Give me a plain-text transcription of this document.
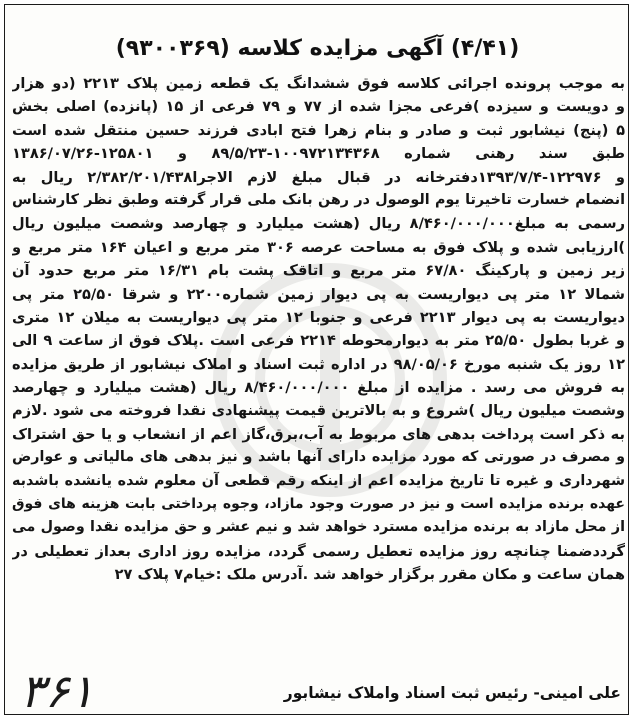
(۴/۴۱) آگهی مزایده کلاسه (۹۳۰۰۳۶۹)
به موجب پرونده اجرائی کلاسه فوق ششدانگ یک قطعه زمین پلاک ۲۲۱۳ (دو هزار
و دویست و سیزده )فرعی مجزا شده از ۷۷ و ۷۹ فرعی از ۱۵ (پانزده) اصلی بخش
۵ (پنج) نیشابور ثبت و صادر و بنام زهرا فتح ابادی فرزند حسین منتقل شده است
طبق سند رهنی شماره ۱۰۰۹۷۲۱۳۴۳۶۸-۸۹/۵/۲۳ و ۱۲۵۸۰۱-۱۳۸۶/۰۷/۲۶
و ۱۲۲۹۷۶-۱۳۹۳/۷/۴دفترخانه در قبال مبلغ لازم الاجرا۲/۳۸۲/۲۰۱/۴۳۸ ریال به
انضمام خسارت تاخیرتا یوم الوصول در رهن بانک ملی قرار گرفته وطبق نظر کارشناس
رسمی به مبلغ۸/۴۶۰/۰۰۰/۰۰۰ ریال (هشت میلیارد و چهارصد وشصت میلیون ریال
)ارزیابی شده و پلاک فوق به مساحت عرصه ۳۰۶ متر مربع و اعیان ۱۶۴ متر مربع و
زیر زمین و پارکینگ ۶۷/۸۰ متر مربع و اتاقک پشت بام ۱۶/۳۱ متر مربع حدود آن
شمالا ۱۲ متر پی دیواریست به پی دیوار زمین شماره۲۲۰۰ و شرقا ۲۵/۵۰ متر پی
دیواریست به پی دیوار ۲۲۱۳ فرعی و جنوبا ۱۲ متر پی دیواریست به میلان ۱۲ متری
و غربا بطول ۲۵/۵۰ متر به دیوارمحوطه ۲۲۱۴ فرعی است .پلاک فوق از ساعت ۹ الی
۱۲ روز یک شنبه مورخ ۹۸/۰۵/۰۶ در اداره ثبت اسناد و املاک نیشابور از طریق مزایده
به فروش می رسد . مزایده از مبلغ ۸/۴۶۰/۰۰۰/۰۰۰ ریال (هشت میلیارد و چهارصد
وشصت میلیون ریال )شروع و به بالاترین قیمت پیشنهادی نقدا فروخته می شود .لازم
به ذکر است پرداخت بدهی های مربوط به آب،برق،گاز اعم از انشعاب و یا حق اشتراک
و مصرف در صورتی که مورد مزایده دارای آنها باشد و نیز بدهی های مالیاتی و عوارض
شهرداری و غیره تا تاریخ مزایده اعم از اینکه رقم قطعی آن معلوم شده یانشده باشدبه
عهده برنده مزایده است و نیز در صورت وجود مازاد، وجوه پرداختی بابت هزینه های فوق
از محل مازاد به برنده مزایده مسترد خواهد شد و نیم عشر و حق مزایده نقدا وصول می
گرددضمنا چنانچه روز مزایده تعطیل رسمی گردد، مزایده روز اداری بعداز تعطیلی در
همان ساعت و مکان مقرر برگزار خواهد شد .آدرس ملک :خیام۷ پلاک ۲۷
علی امینی- رئیس ثبت اسناد واملاک نیشابور
۳۶۱
